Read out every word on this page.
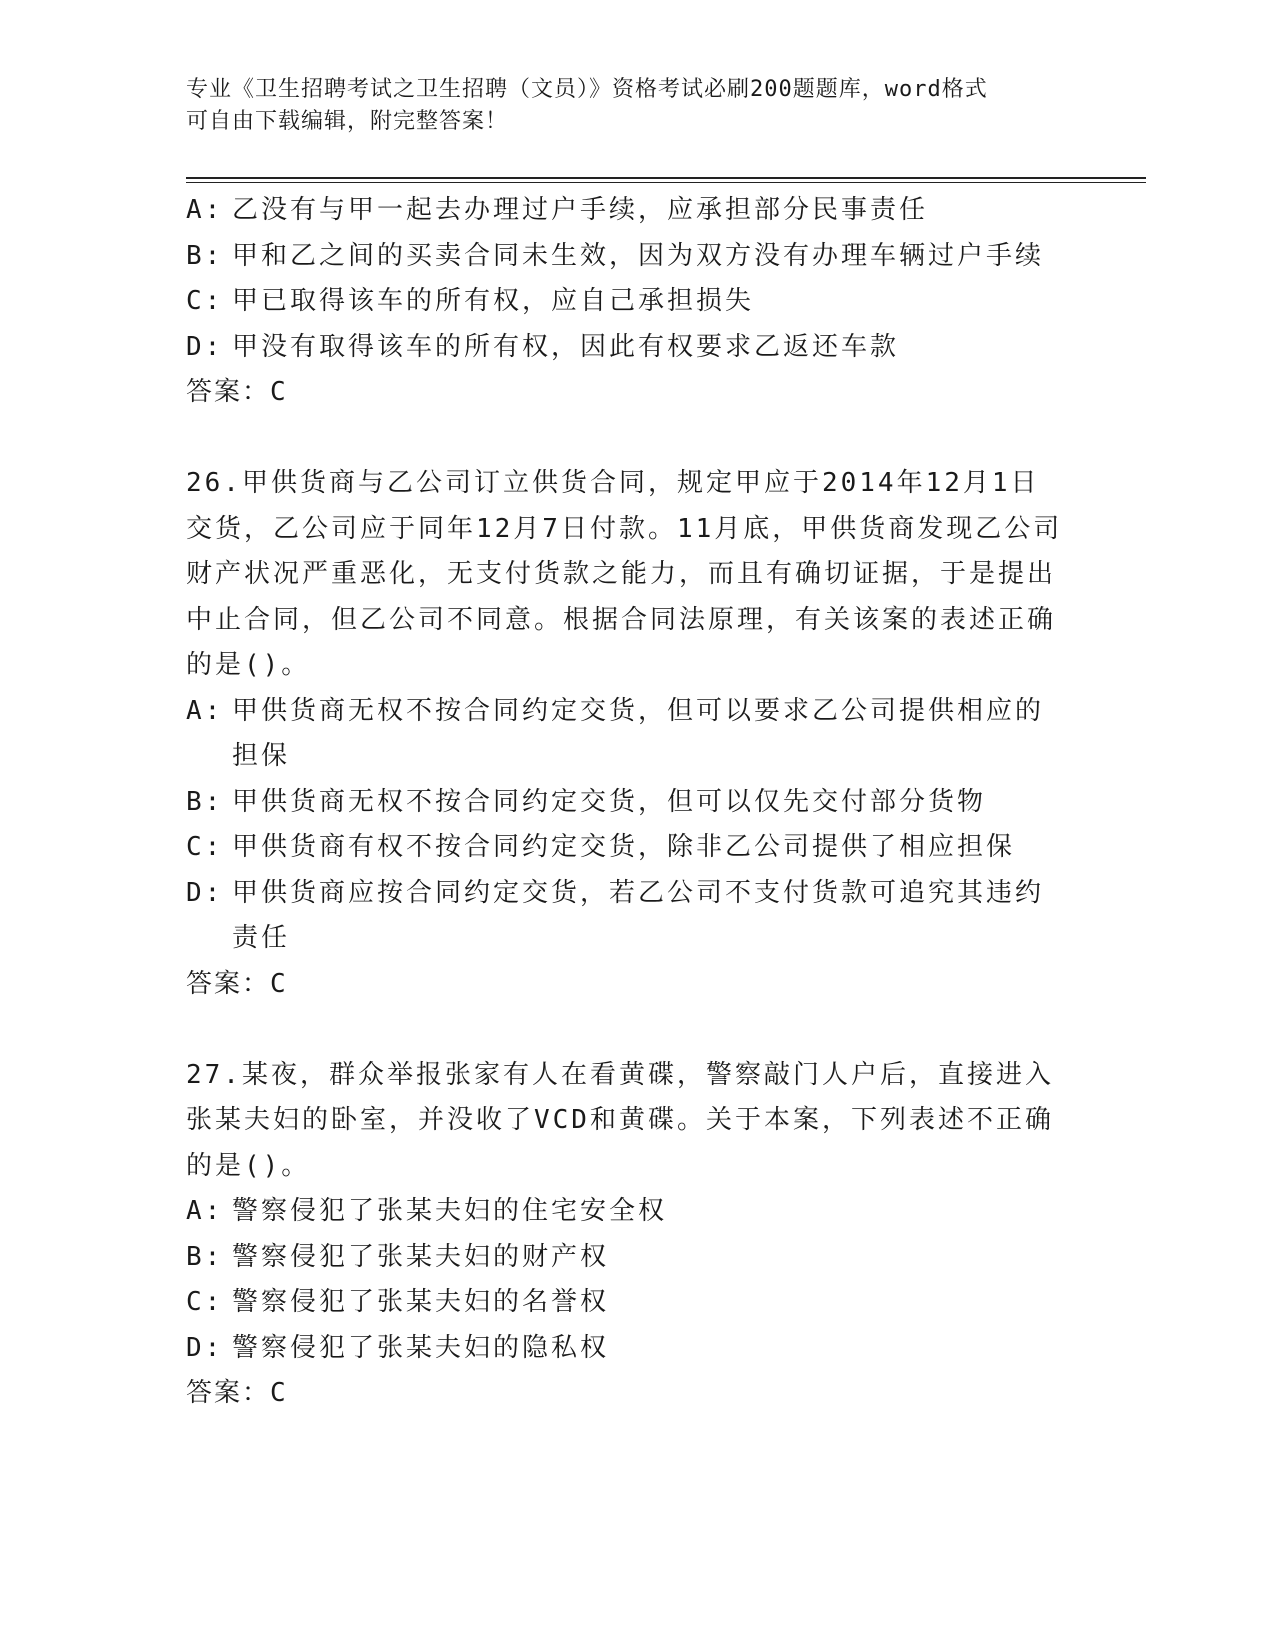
专业《卫生招聘考试之卫生招聘（文员）》资格考试必刷200题题库，word格式
可自由下载编辑，附完整答案！
A: 乙没有与甲一起去办理过户手续，应承担部分民事责任
B: 甲和乙之间的买卖合同未生效，因为双方没有办理车辆过户手续
C: 甲已取得该车的所有权，应自己承担损失
D: 甲没有取得该车的所有权，因此有权要求乙返还车款
答案：C
26.甲供货商与乙公司订立供货合同，规定甲应于2014年12月1日交货，乙公司应于同年12月7日付款。11月底，甲供货商发现乙公司财产状况严重恶化，无支付货款之能力，而且有确切证据，于是提出中止合同，但乙公司不同意。根据合同法原理，有关该案的表述正确的是()。
A: 甲供货商无权不按合同约定交货，但可以要求乙公司提供相应的担保
B: 甲供货商无权不按合同约定交货，但可以仅先交付部分货物
C: 甲供货商有权不按合同约定交货，除非乙公司提供了相应担保
D: 甲供货商应按合同约定交货，若乙公司不支付货款可追究其违约责任
答案：C
27.某夜，群众举报张家有人在看黄碟，警察敲门人户后，直接进入张某夫妇的卧室，并没收了VCD和黄碟。关于本案，下列表述不正确的是()。
A: 警察侵犯了张某夫妇的住宅安全权
B: 警察侵犯了张某夫妇的财产权
C: 警察侵犯了张某夫妇的名誉权
D: 警察侵犯了张某夫妇的隐私权
答案：C
